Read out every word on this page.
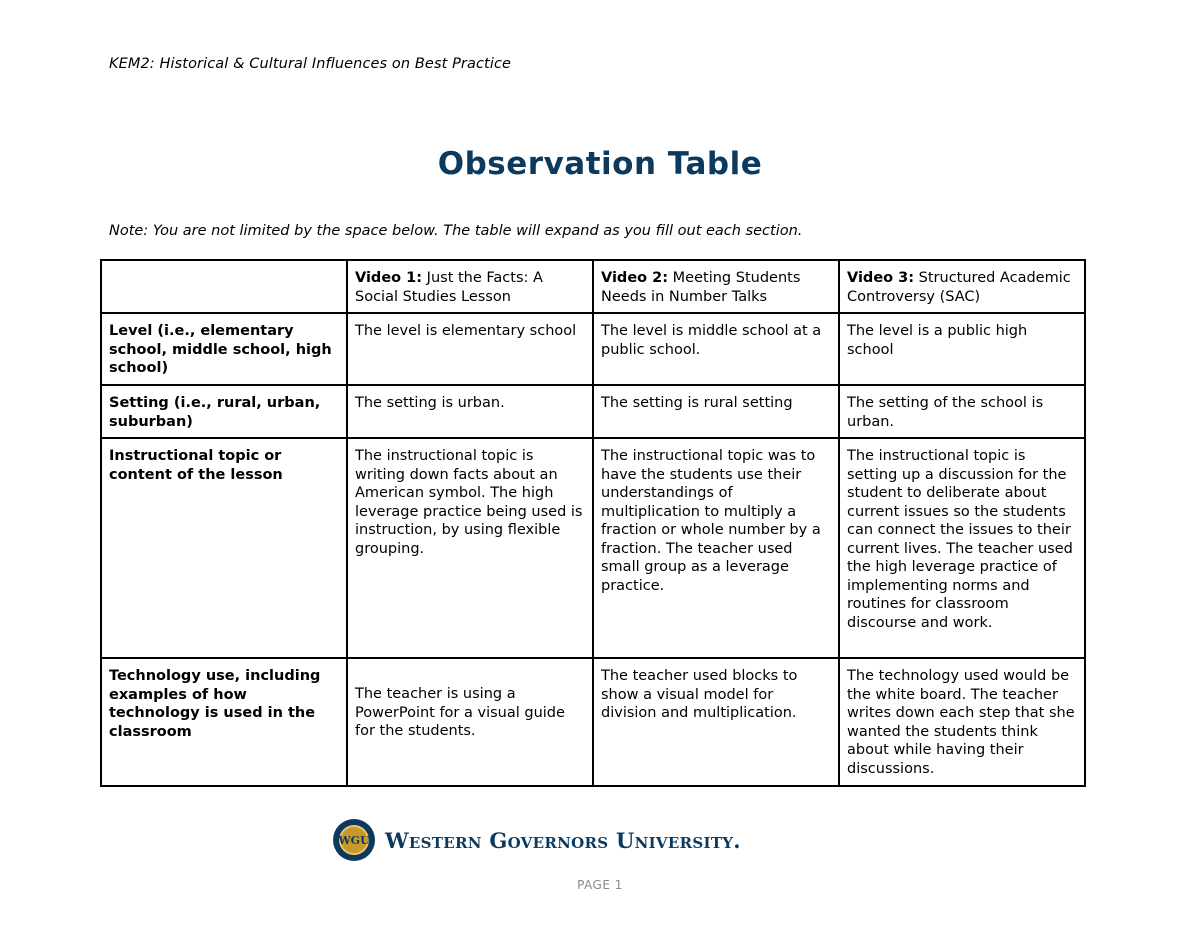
KEM2: Historical & Cultural Influences on Best Practice
Observation Table
Note: You are not limited by the space below. The table will expand as you fill out each section.
	Video 1: Just the Facts: A Social Studies Lesson	Video 2: Meeting Students Needs in Number Talks	Video 3: Structured Academic Controversy (SAC)
Level (i.e., elementary school, middle school, high school)	The level is elementary school	The level is middle school at a public school.	The level is a public high school
Setting (i.e., rural, urban, suburban)	The setting is urban.	The setting is rural setting	The setting of the school is urban.
Instructional topic or content of the lesson	The instructional topic is writing down facts about an American symbol. The high leverage practice being used is instruction, by using flexible grouping.	The instructional topic was to have the students use their understandings of multiplication to multiply a fraction or whole number by a fraction. The teacher used small group as a leverage practice.	The instructional topic is setting up a discussion for the student to deliberate about current issues so the students can connect the issues to their current lives. The teacher used the high leverage practice of implementing norms and routines for classroom discourse and work.
Technology use, including examples of how technology is used in the classroom	The teacher is using a PowerPoint for a visual guide for the students.	The teacher used blocks to show a visual model for division and multiplication.	The technology used would be the white board. The teacher writes down each step that she wanted the students think about while having their discussions.
WGU Western Governors University.
PAGE 1
